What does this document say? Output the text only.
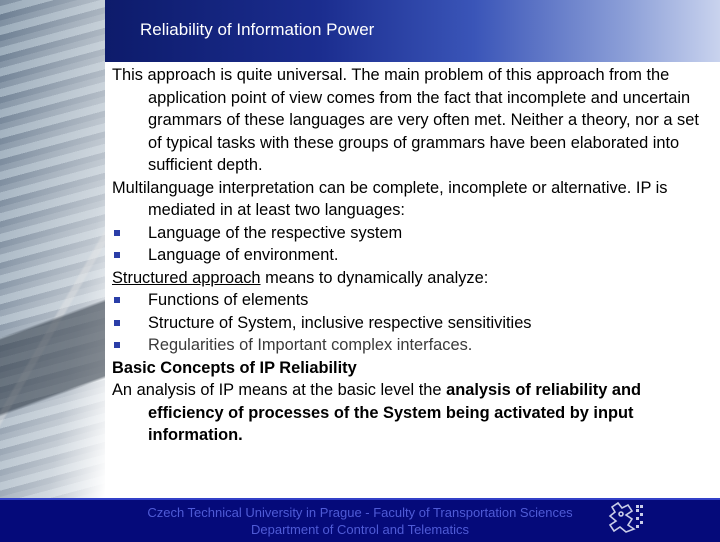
Reliability of Information Power

This approach is quite universal. The main problem of this approach from the application point of view comes from the fact that incomplete and uncertain grammars of these languages are very often met. Neither a theory, nor a set of typical tasks with these groups of grammars have been elaborated into sufficient depth.

Multilanguage interpretation can be complete, incomplete or alternative. IP is mediated in at least two languages:

Language of the respective system

Language of environment.

Structured approach means to dynamically analyze:

Functions of elements

Structure of System, inclusive respective sensitivities

Regularities of Important complex interfaces.

Basic Concepts of IP Reliability

An analysis of IP means at the basic level the analysis of reliability and efficiency of processes of the System being activated by input information.

Czech Technical University in Prague - Faculty of Transportation Sciences
Department of Control and Telematics
